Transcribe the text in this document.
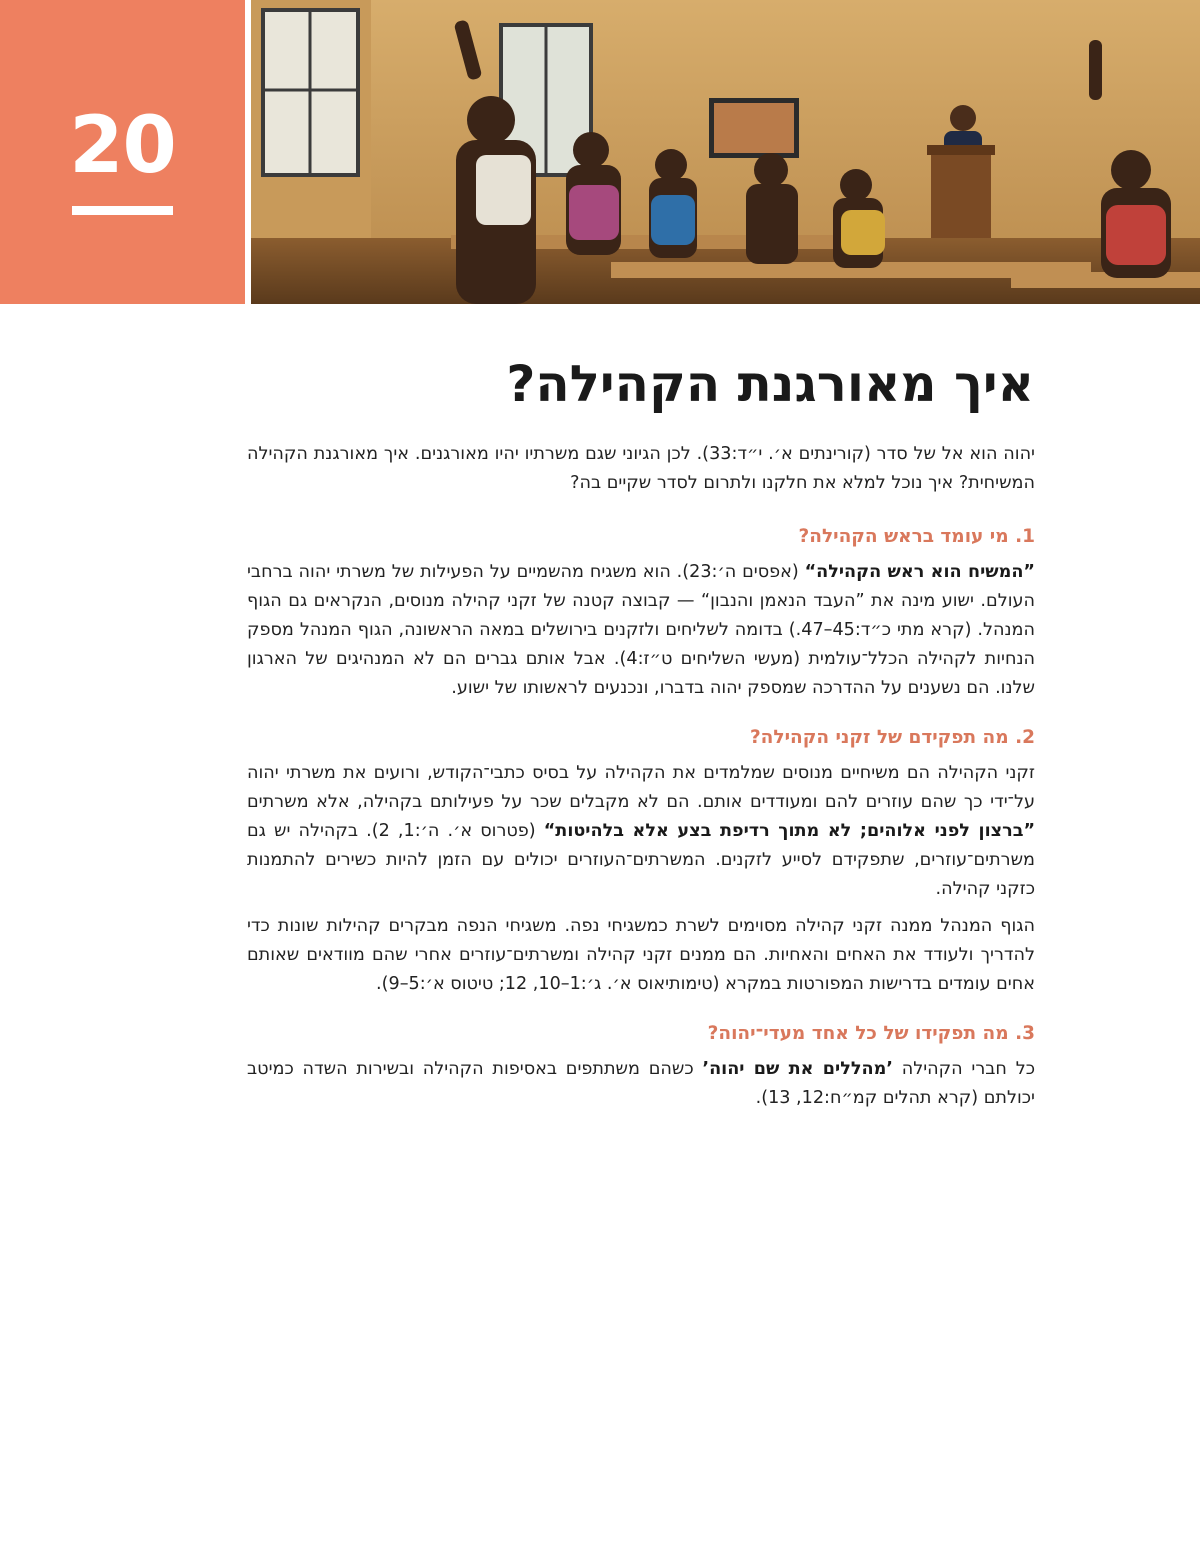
20
איך מאורגנת הקהילה?

יהוה הוא אל של סדר (קורינתים א׳. י״ד:33). לכן הגיוני שגם משרתיו יהיו מאורגנים. איך מאורגנת הקהילה המשיחית? איך נוכל למלא את חלקנו ולתרום לסדר שקיים בה?

1. מי עומד בראש הקהילה?

”המשיח הוא ראש הקהילה“ (אפסים ה׳:23). הוא משגיח מהשמיים על הפעילות של משרתי יהוה ברחבי העולם. ישוע מינה את ”העבד הנאמן והנבון“ — קבוצה קטנה של זקני קהילה מנוסים, הנקראים גם הגוף המנהל. (קרא מתי כ״ד:45–47.) בדומה לשליחים ולזקנים בירושלים במאה הראשונה, הגוף המנהל מספק הנחיות לקהילה הכלל־עולמית (מעשי השליחים ט״ז:4). אבל אותם גברים הם לא המנהיגים של הארגון שלנו. הם נשענים על ההדרכה שמספק יהוה בדברו, ונכנעים לראשותו של ישוע.

2. מה תפקידם של זקני הקהילה?

זקני הקהילה הם משיחיים מנוסים שמלמדים את הקהילה על בסיס כתבי־הקודש, ורועים את משרתי יהוה על־ידי כך שהם עוזרים להם ומעודדים אותם. הם לא מקבלים שכר על פעילותם בקהילה, אלא משרתים ”ברצון לפני אלוהים; לא מתוך רדיפת בצע אלא בלהיטות“ (פטרוס א׳. ה׳:1, 2). בקהילה יש גם משרתים־עוזרים, שתפקידם לסייע לזקנים. המשרתים־העוזרים יכולים עם הזמן להיות כשירים להתמנות כזקני קהילה.

הגוף המנהל ממנה זקני קהילה מסוימים לשרת כמשגיחי נפה. משגיחי הנפה מבקרים קהילות שונות כדי להדריך ולעודד את האחים והאחיות. הם ממנים זקני קהילה ומשרתים־עוזרים אחרי שהם מוודאים שאותם אחים עומדים בדרישות המפורטות במקרא (טימותיאוס א׳. ג׳:1–10, 12; טיטוס א׳:5–9).

3. מה תפקידו של כל אחד מעדי־יהוה?

כל חברי הקהילה ’מהללים את שם יהוה’ כשהם משתתפים באסיפות הקהילה ובשירות השדה כמיטב יכולתם (קרא תהלים קמ״ח:12, 13).
